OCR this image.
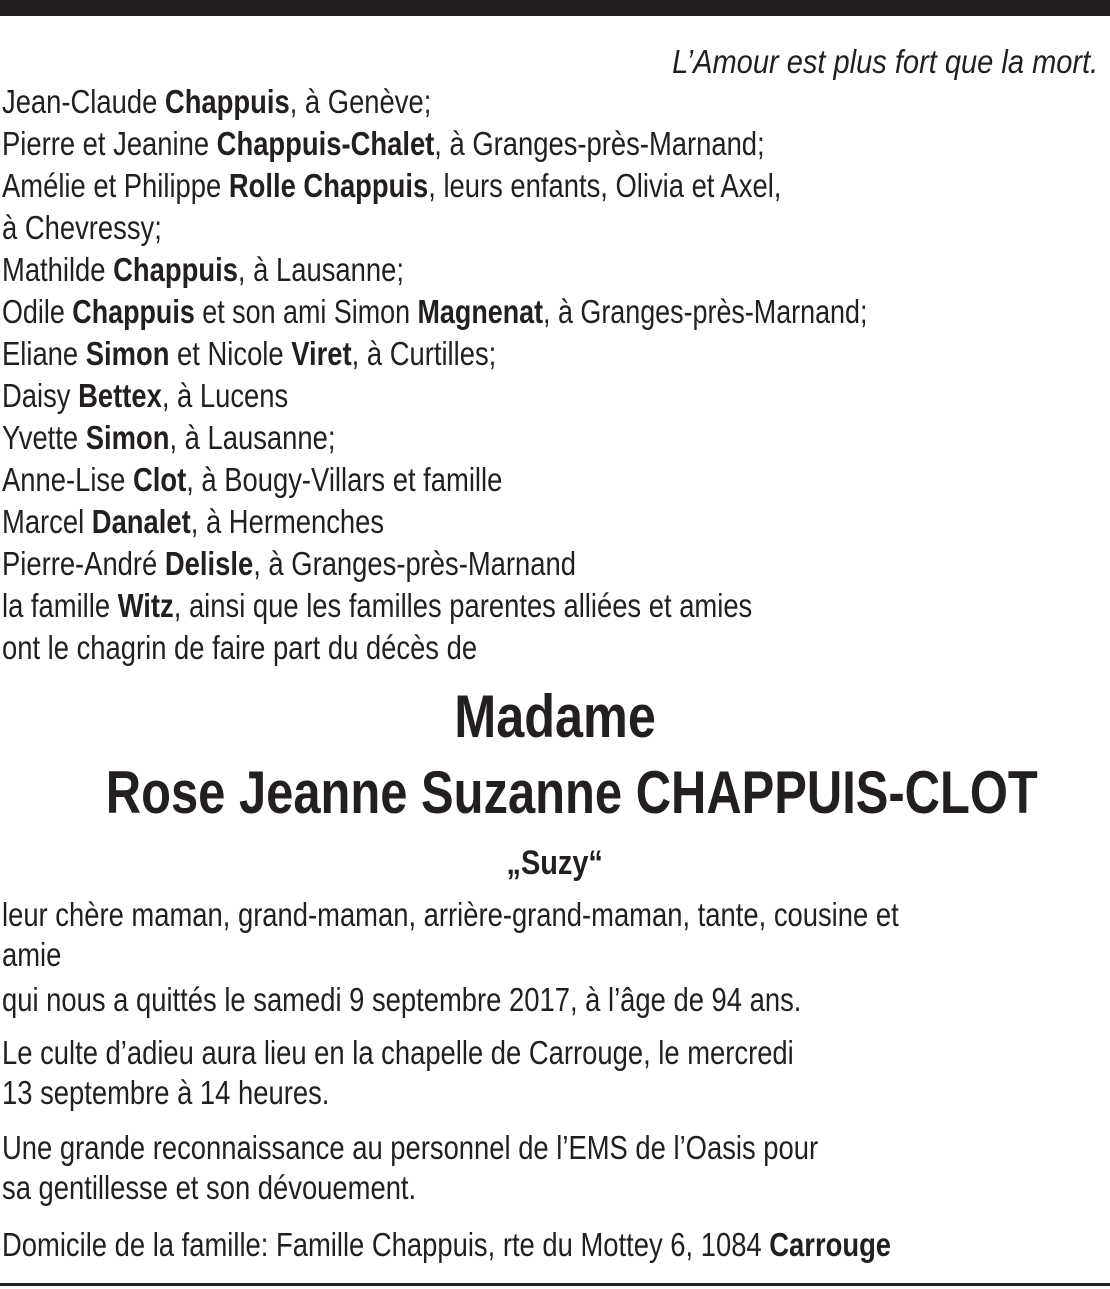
L’Amour est plus fort que la mort.
Jean-Claude Chappuis, à Genève;
Pierre et Jeanine Chappuis-Chalet, à Granges-près-Marnand;
Amélie et Philippe Rolle Chappuis, leurs enfants, Olivia et Axel,
à Chevressy;
Mathilde Chappuis, à Lausanne;
Odile Chappuis et son ami Simon Magnenat, à Granges-près-Marnand;
Eliane Simon et Nicole Viret, à Curtilles;
Daisy Bettex, à Lucens
Yvette Simon, à Lausanne;
Anne-Lise Clot, à Bougy-Villars et famille
Marcel Danalet, à Hermenches
Pierre-André Delisle, à Granges-près-Marnand
la famille Witz, ainsi que les familles parentes alliées et amies
ont le chagrin de faire part du décès de
Madame
Rose Jeanne Suzanne CHAPPUIS-CLOT
„Suzy“
leur chère maman, grand-maman, arrière-grand-maman, tante, cousine et
amie
qui nous a quittés le samedi 9 septembre 2017, à l’âge de 94 ans.
Le culte d’adieu aura lieu en la chapelle de Carrouge, le mercredi
13 septembre à 14 heures.
Une grande reconnaissance au personnel de l’EMS de l’Oasis pour
sa gentillesse et son dévouement.
Domicile de la famille: Famille Chappuis, rte du Mottey 6, 1084 Carrouge
